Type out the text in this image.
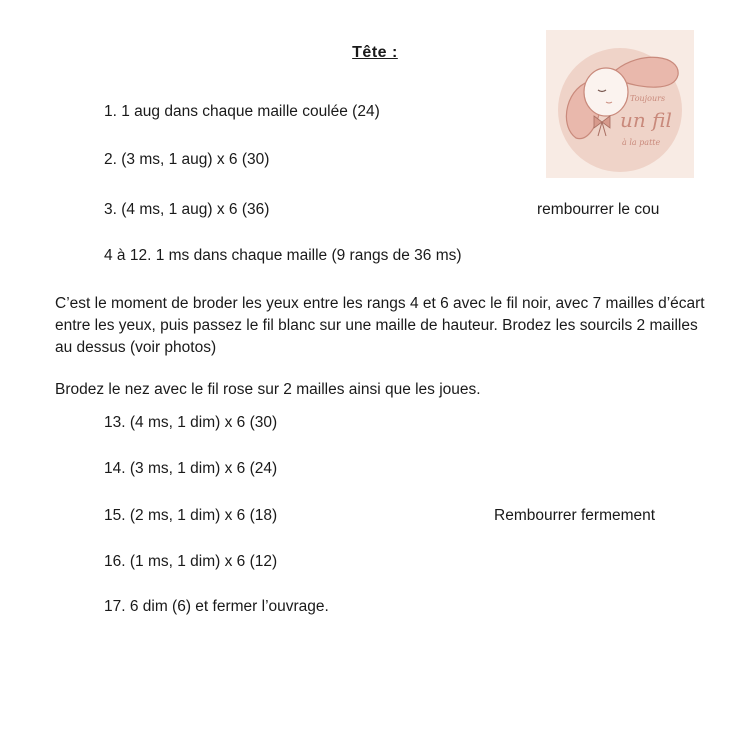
Tête :
Toujours
un fil
à la patte
1. 1 aug dans chaque maille coulée (24)
2. (3 ms, 1 aug) x 6 (30)
3. (4 ms, 1 aug) x 6 (36)	rembourrer le cou
4 à 12. 1 ms dans chaque maille (9 rangs de 36 ms)
C’est le moment de broder les yeux entre les rangs 4 et 6 avec le fil noir, avec 7 mailles d’écart entre les yeux, puis passez le fil blanc sur une maille de hauteur. Brodez les sourcils 2 mailles au dessus (voir photos)
Brodez le nez avec le fil rose sur 2 mailles ainsi que les joues.
13. (4 ms, 1 dim) x 6 (30)
14. (3 ms, 1 dim) x 6 (24)
15. (2 ms, 1 dim) x 6 (18)	Rembourrer fermement
16. (1 ms, 1 dim) x 6 (12)
17. 6 dim (6) et fermer l’ouvrage.
